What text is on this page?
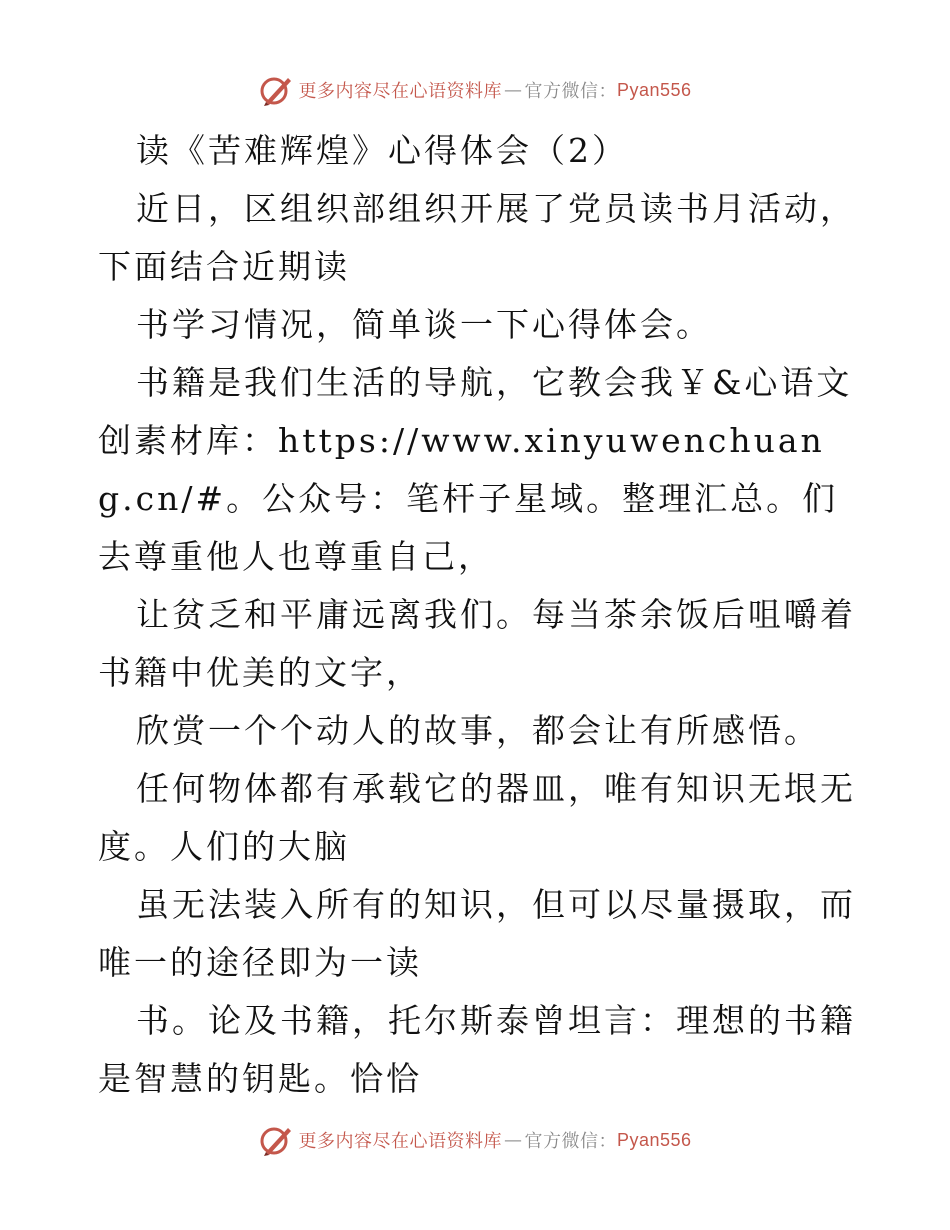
更多内容尽在心语资料库 — 官方微信： Pyan556

读《苦难辉煌》心得体会（2）

近日，区组织部组织开展了党员读书月活动，下面结合近期读

书学习情况，简单谈一下心得体会。

书籍是我们生活的导航，它教会我￥&心语文创素材库：https://www.xinyuwenchuang.cn/#。公众号：笔杆子星域。整理汇总。们去尊重他人也尊重自己，

让贫乏和平庸远离我们。每当茶余饭后咀嚼着书籍中优美的文字，

欣赏一个个动人的故事，都会让有所感悟。

任何物体都有承载它的器皿，唯有知识无垠无度。人们的大脑

虽无法装入所有的知识，但可以尽量摄取，而唯一的途径即为一读

书。论及书籍，托尔斯泰曾坦言：理想的书籍是智慧的钥匙。恰恰

更多内容尽在心语资料库 — 官方微信： Pyan556
